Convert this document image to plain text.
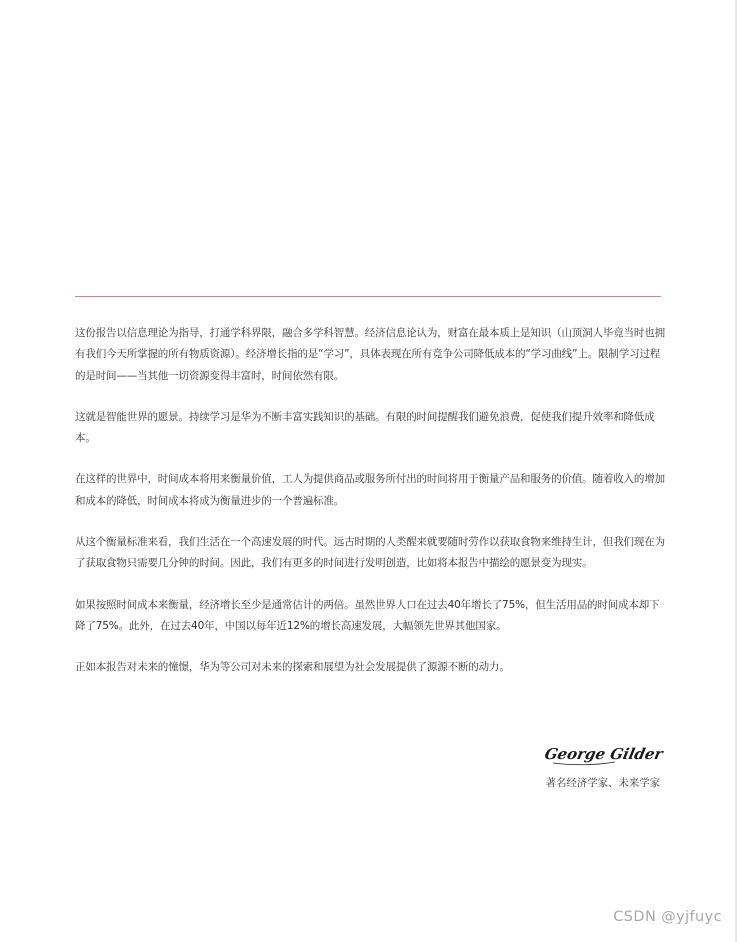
这份报告以信息理论为指导，打通学科界限，融合多学科智慧。经济信息论认为，财富在最本质上是知识（山顶洞人毕竟当时也拥有我们今天所掌握的所有物质资源）。经济增长指的是“学习”，具体表现在所有竞争公司降低成本的“学习曲线”上。限制学习过程的是时间——当其他一切资源变得丰富时，时间依然有限。

这就是智能世界的愿景。持续学习是华为不断丰富实践知识的基础。有限的时间提醒我们避免浪费，促使我们提升效率和降低成本。

在这样的世界中，时间成本将用来衡量价值，工人为提供商品或服务所付出的时间将用于衡量产品和服务的价值。随着收入的增加和成本的降低，时间成本将成为衡量进步的一个普遍标准。

从这个衡量标准来看，我们生活在一个高速发展的时代。远古时期的人类醒来就要随时劳作以获取食物来维持生计，但我们现在为了获取食物只需要几分钟的时间。因此，我们有更多的时间进行发明创造，比如将本报告中描绘的愿景变为现实。

如果按照时间成本来衡量，经济增长至少是通常估计的两倍。虽然世界人口在过去40年增长了75%，但生活用品的时间成本却下降了75%。此外，在过去40年，中国以每年近12%的增长高速发展，大幅领先世界其他国家。

正如本报告对未来的憧憬，华为等公司对未来的探索和展望为社会发展提供了源源不断的动力。

George Gilder
著名经济学家、未来学家
CSDN @yjfuyc
